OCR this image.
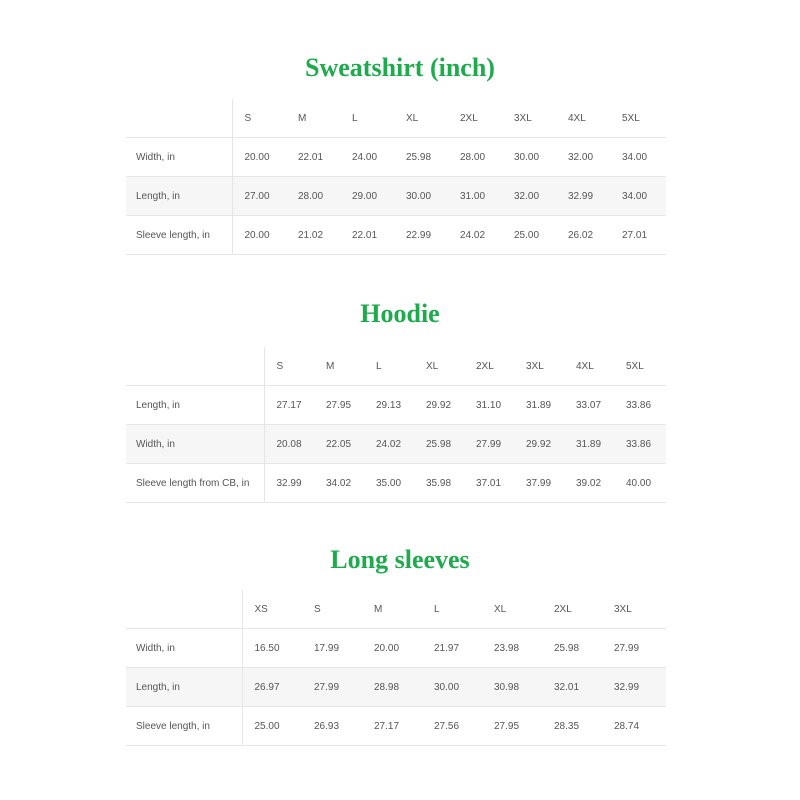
Sweatshirt (inch)
	S	M	L	XL	2XL	3XL	4XL	5XL
Width, in	20.00	22.01	24.00	25.98	28.00	30.00	32.00	34.00
Length, in	27.00	28.00	29.00	30.00	31.00	32.00	32.99	34.00
Sleeve length, in	20.00	21.02	22.01	22.99	24.02	25.00	26.02	27.01
Hoodie
	S	M	L	XL	2XL	3XL	4XL	5XL
Length, in	27.17	27.95	29.13	29.92	31.10	31.89	33.07	33.86
Width, in	20.08	22.05	24.02	25.98	27.99	29.92	31.89	33.86
Sleeve length from CB, in	32.99	34.02	35.00	35.98	37.01	37.99	39.02	40.00
Long sleeves
	XS	S	M	L	XL	2XL	3XL
Width, in	16.50	17.99	20.00	21.97	23.98	25.98	27.99
Length, in	26.97	27.99	28.98	30.00	30.98	32.01	32.99
Sleeve length, in	25.00	26.93	27.17	27.56	27.95	28.35	28.74
